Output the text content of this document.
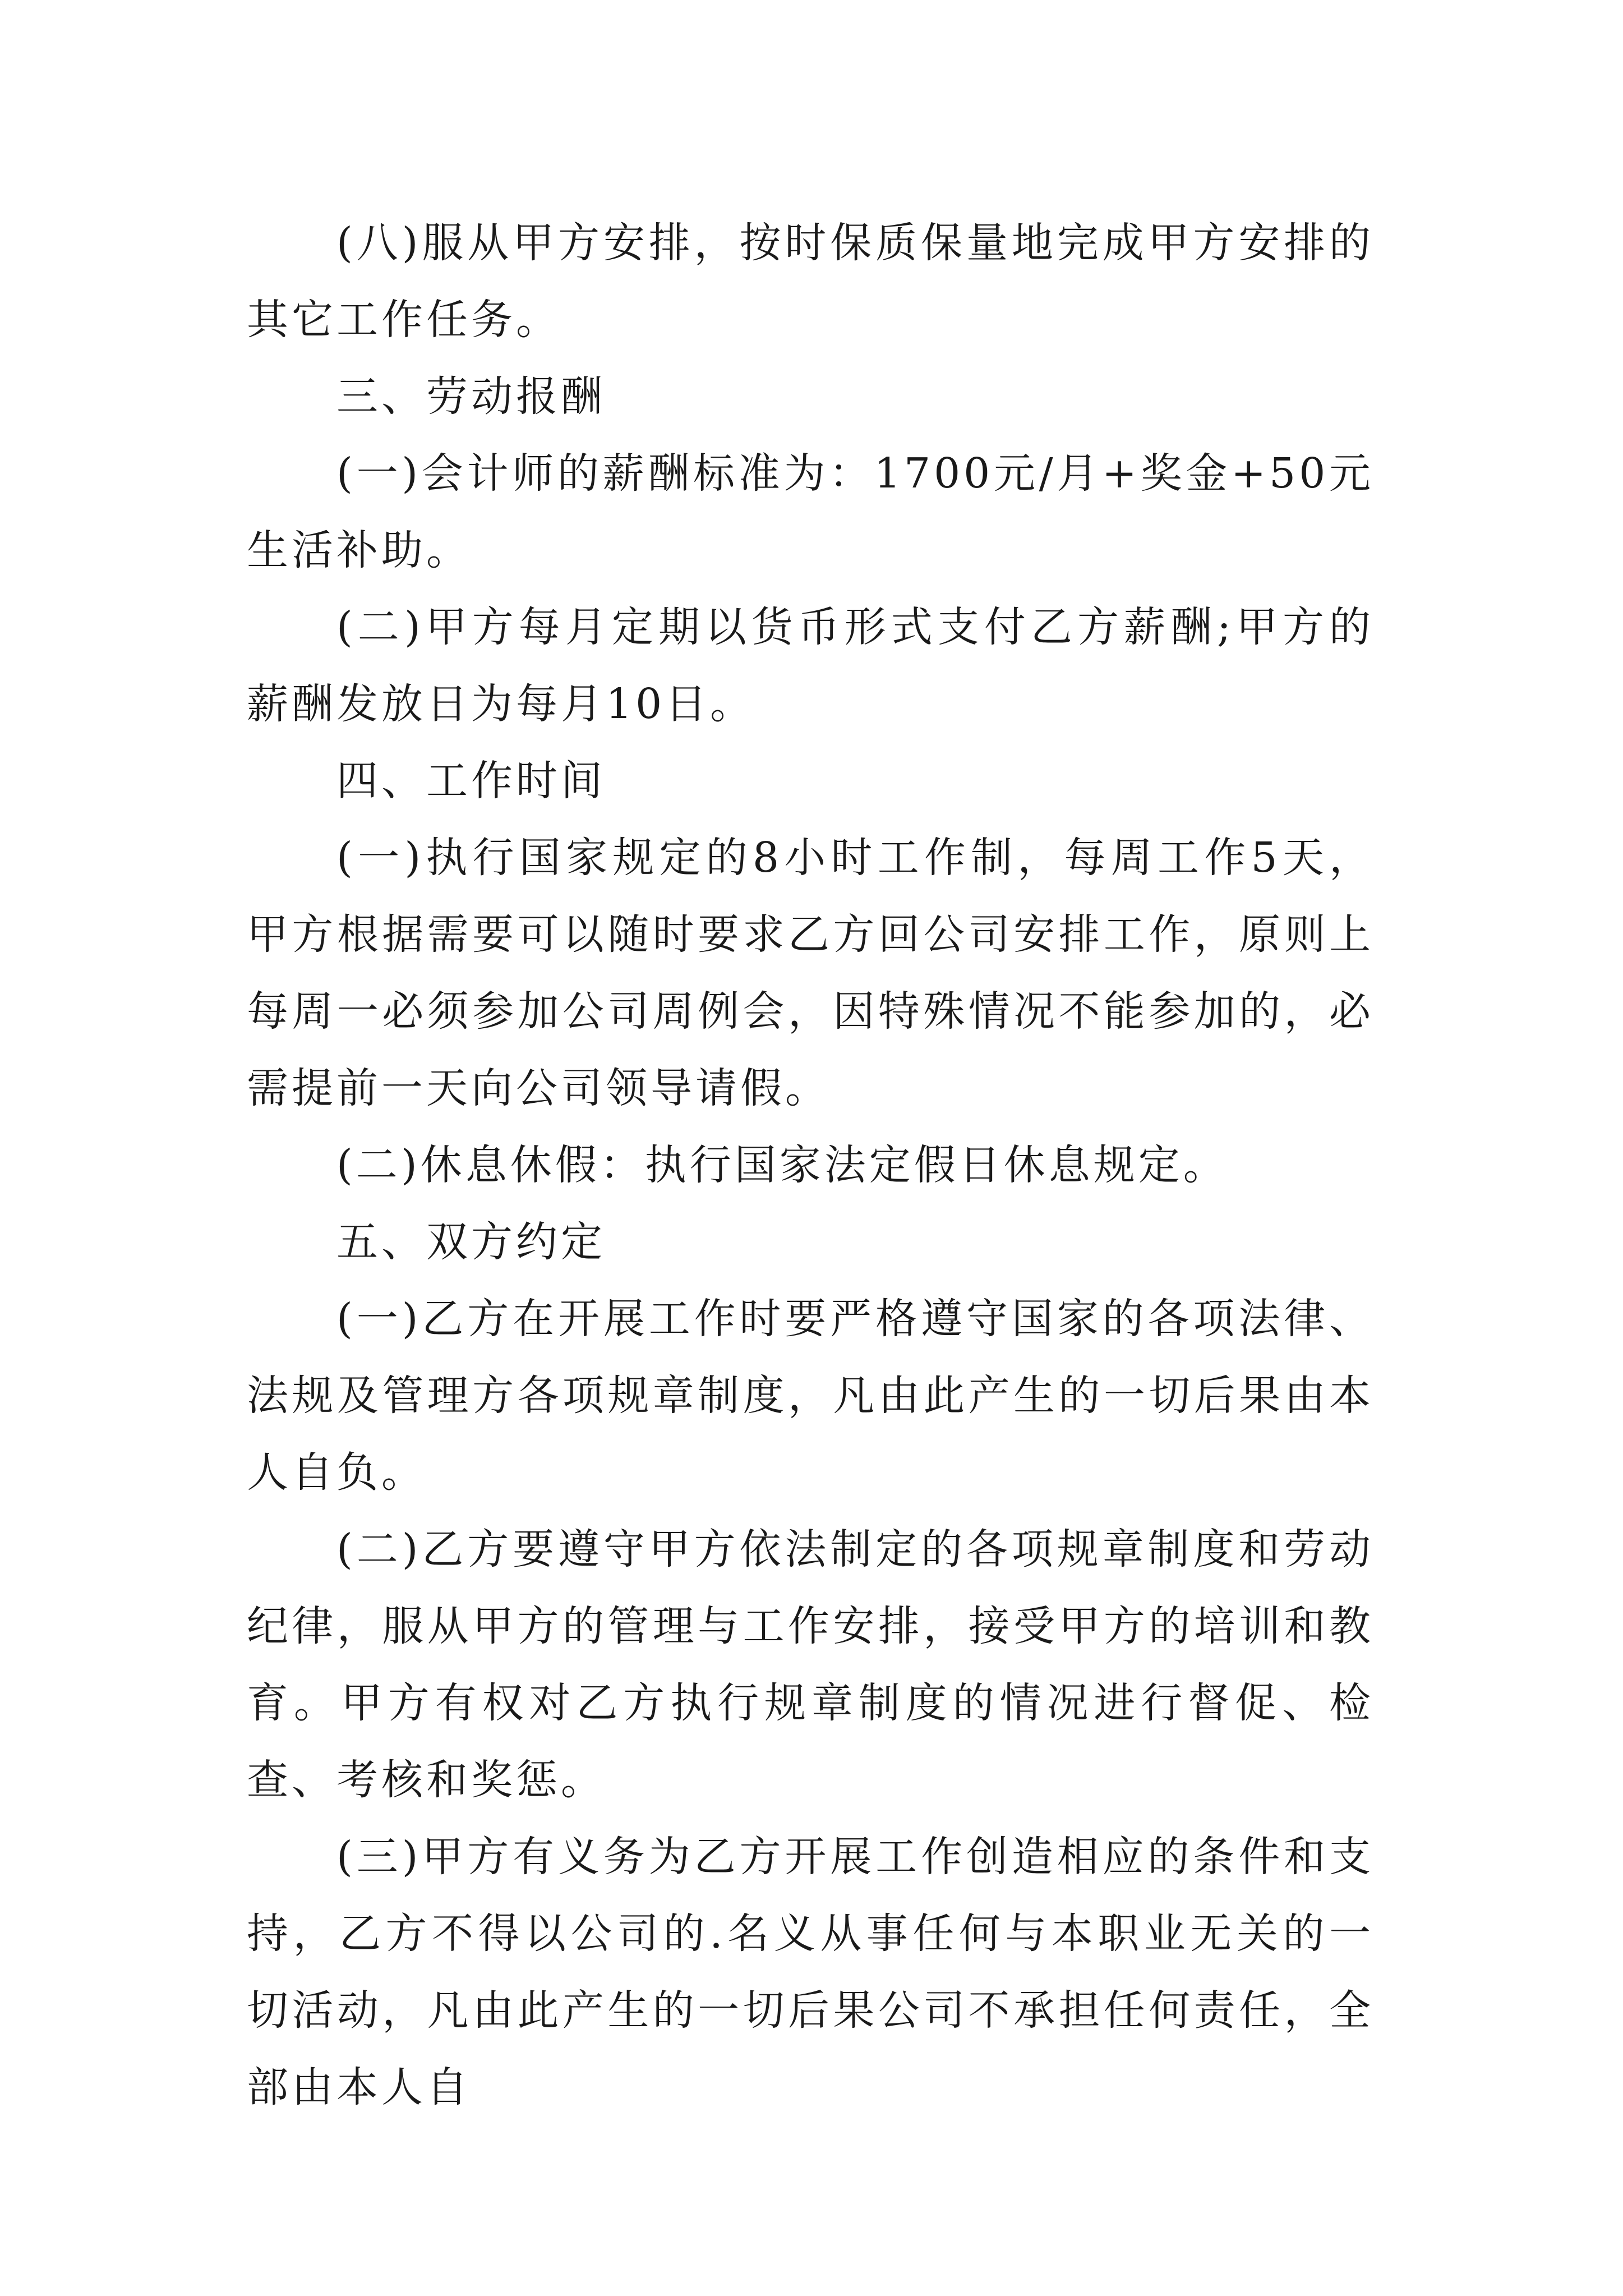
(八)服从甲方安排，按时保质保量地完成甲方安排的其它工作任务。

三、劳动报酬

(一)会计师的薪酬标准为：1700元/月+奖金+50元生活补助。

(二)甲方每月定期以货币形式支付乙方薪酬;甲方的薪酬发放日为每月10日。

四、工作时间

(一)执行国家规定的8小时工作制，每周工作5天，甲方根据需要可以随时要求乙方回公司安排工作，原则上每周一必须参加公司周例会，因特殊情况不能参加的，必需提前一天向公司领导请假。

(二)休息休假：执行国家法定假日休息规定。

五、双方约定

(一)乙方在开展工作时要严格遵守国家的各项法律、法规及管理方各项规章制度，凡由此产生的一切后果由本人自负。

(二)乙方要遵守甲方依法制定的各项规章制度和劳动纪律，服从甲方的管理与工作安排，接受甲方的培训和教育。甲方有权对乙方执行规章制度的情况进行督促、检查、考核和奖惩。

(三)甲方有义务为乙方开展工作创造相应的条件和支持，乙方不得以公司的.名义从事任何与本职业无关的一切活动，凡由此产生的一切后果公司不承担任何责任，全部由本人自
